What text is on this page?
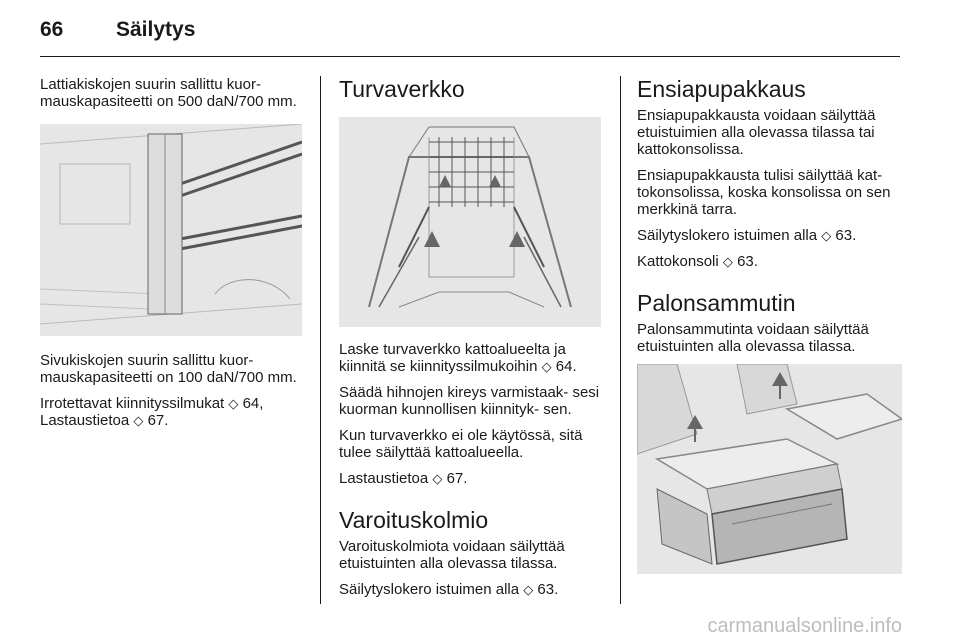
66	Säilytys

Lattiakiskojen suurin sallittu kuor- mauskapasiteetti on 500 daN/700 mm.

Sivukiskojen suurin sallittu kuor- mauskapasiteetti on 100 daN/700 mm.

Irrotettavat kiinnityssilmukat ◇ 64,
Lastaustietoa ◇ 67.

Turvaverkko

Laske turvaverkko kattoalueelta ja kiinnitä se kiinnityssilmukoihin ◇ 64.

Säädä hihnojen kireys varmistaak- sesi kuorman kunnollisen kiinnityk- sen.

Kun turvaverkko ei ole käytössä, sitä tulee säilyttää kattoalueella.

Lastaustietoa ◇ 67.

Varoituskolmio

Varoituskolmiota voidaan säilyttää etuistuinten alla olevassa tilassa.

Säilytyslokero istuimen alla ◇ 63.

Ensiapupakkaus

Ensiapupakkausta voidaan säilyttää etuistuimien alla olevassa tilassa tai kattokonsolissa.

Ensiapupakkausta tulisi säilyttää kat- tokonsolissa, koska konsolissa on sen merkkinä tarra.

Säilytyslokero istuimen alla ◇ 63.

Kattokonsoli ◇ 63.

Palonsammutin

Palonsammutinta voidaan säilyttää etuistuinten alla olevassa tilassa.

carmanualsonline.info
